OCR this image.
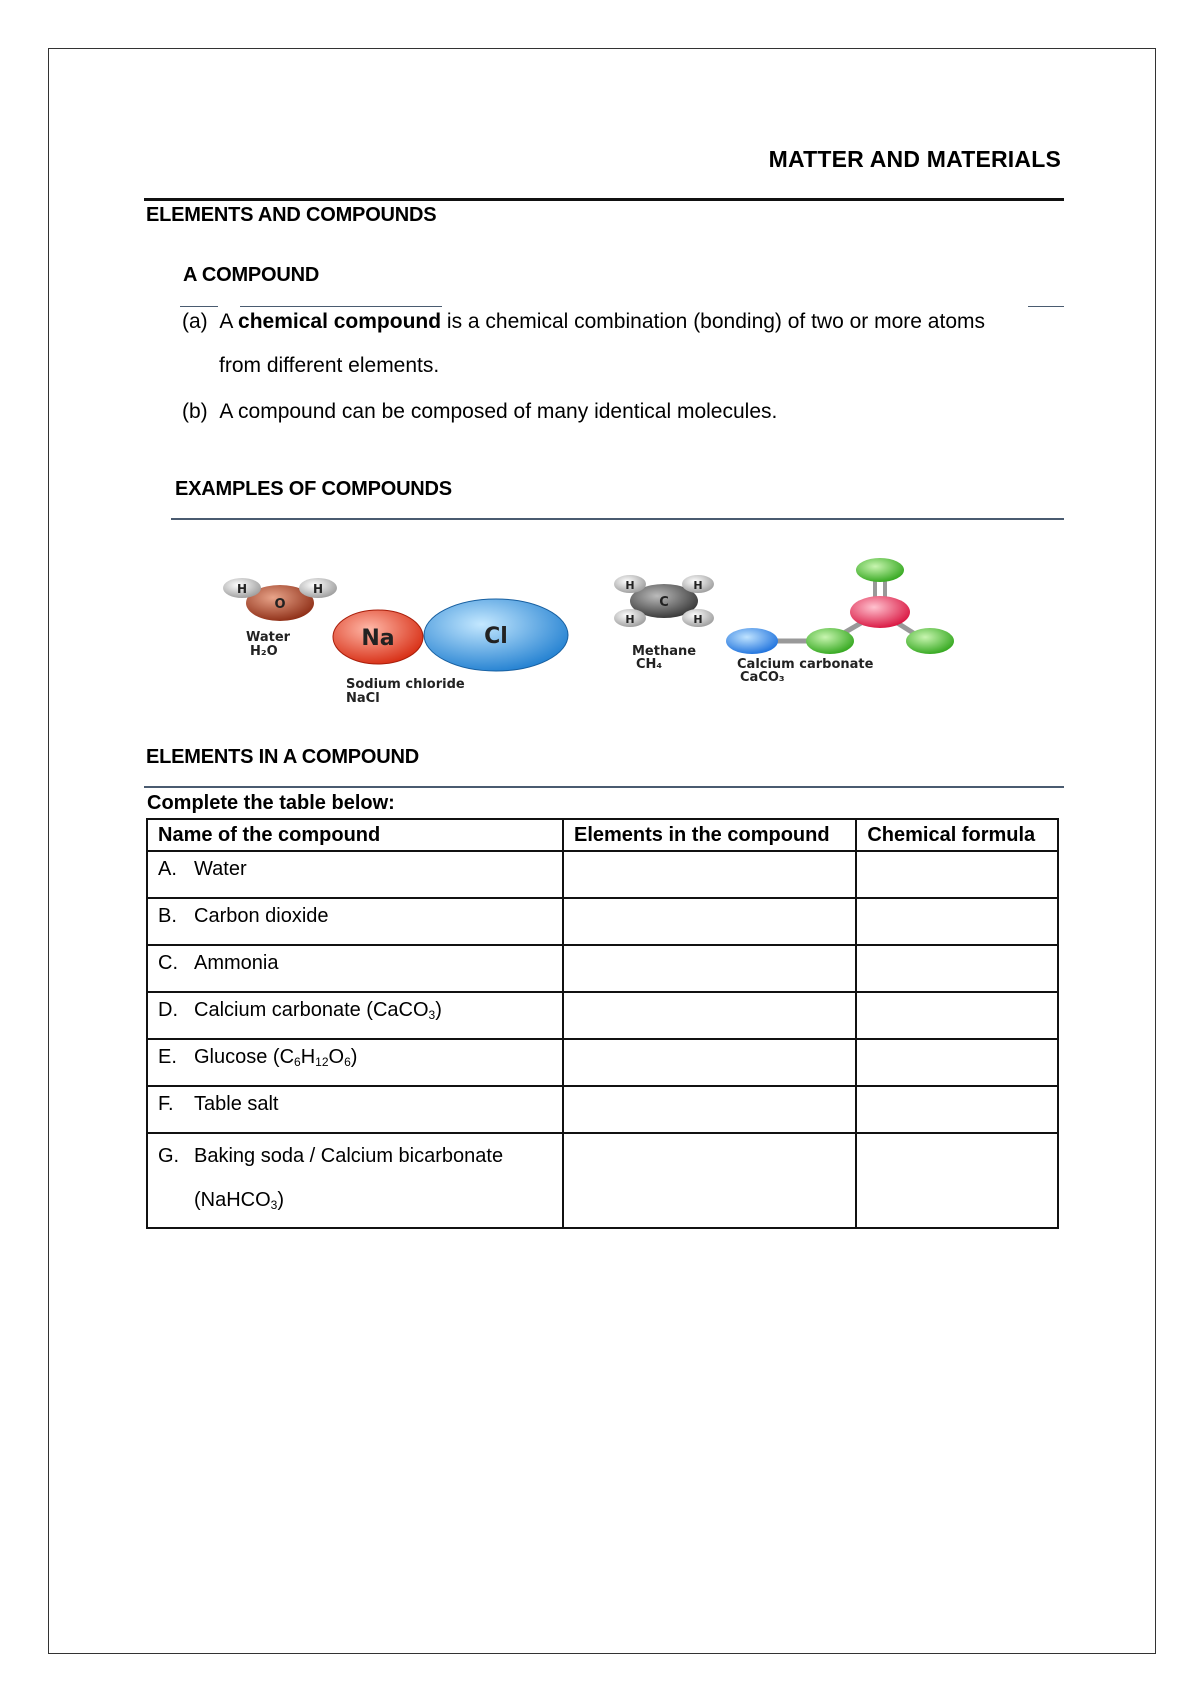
MATTER AND MATERIALS
ELEMENTS AND COMPOUNDS
A COMPOUND
(a) A chemical compound is a chemical combination (bonding) of two or more atoms
from different elements.
(b) A compound can be composed of many identical molecules.
EXAMPLES OF COMPOUNDS
O
H	H
Water
H₂O
Na	Cl
Sodium chloride
NaCl
C
H	H
H	H
Methane
CH₄	Calcium carbonate
CaCO₃
ELEMENTS IN A COMPOUND
Complete the table below:
Name of the compound	Elements in the compound	Chemical formula
A. Water		
B. Carbon dioxide		
C. Ammonia		
D. Calcium carbonate (CaCO$_3$)		
E. Glucose $(C_6H_{12}O_6)$		
F. Table salt		
G. Baking soda / Calcium bicarbonate
(NaHCO$_3$)		
